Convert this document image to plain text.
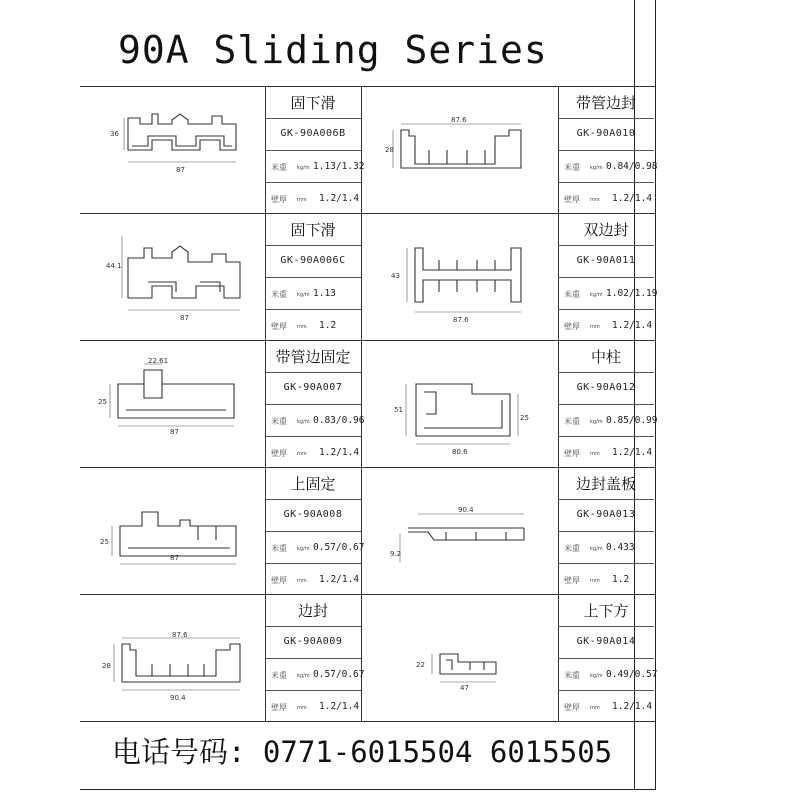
90A Sliding Series
固下滑
GK-90A006B
米重 kg/m 1.13/1.32
壁厚 mm 1.2/1.4
带管边封
GK-90A010
米重 kg/m 0.84/0.98
壁厚 mm 1.2/1.4
固下滑
GK-90A006C
米重 kg/m 1.13
壁厚 mm 1.2
双边封
GK-90A011
米重 kg/m 1.02/1.19
壁厚 mm 1.2/1.4
带管边固定
GK-90A007
米重 kg/m 0.83/0.96
壁厚 mm 1.2/1.4
中柱
GK-90A012
米重 kg/m 0.85/0.99
壁厚 mm 1.2/1.4
上固定
GK-90A008
米重 kg/m 0.57/0.67
壁厚 mm 1.2/1.4
边封盖板
GK-90A013
米重 kg/m 0.433
壁厚 mm 1.2
边封
GK-90A009
米重 kg/m 0.57/0.67
壁厚 mm 1.2/1.4
上下方
GK-90A014
米重 kg/m 0.49/0.57
壁厚 mm 1.2/1.4
36
87
87.6
28
44.1
87
43
87.6
22.61
25
87
51
25
80.6
25
87
90.4
9.2
87.6
28
90.4
22
47
电话号码: 0771-6015504 6015505
